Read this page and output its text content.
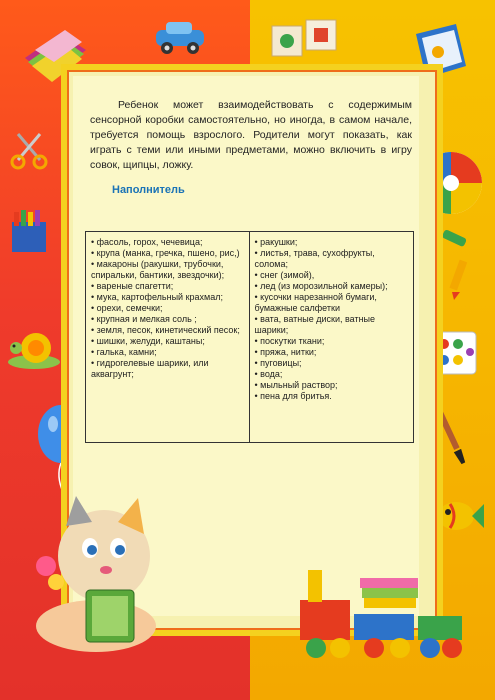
Ребенок может взаимодействовать с содержимым сенсорной коробки самостоятельно, но иногда, в самом начале, требуется помощь взрослого. Родители могут показать, как играть с теми или иными предметами, можно включить в игру совок, щипцы, ложку.
Наполнитель
• фасоль, горох, чечевица;
• крупа (манка, гречка, пшено, рис,)
• макароны (ракушки, трубочки, спиральки, бантики, звездочки);
• вареные спагетти;
• мука, картофельный крахмал;
• орехи, семечки;
• крупная и мелкая соль ;
• земля, песок, кинетический песок;
• шишки, желуди, каштаны;
• галька, камни;
• гидрогелевые шарики, или аквагрунт;
• ракушки;
• листья, трава, сухофрукты, солома;
• снег (зимой),
• лед (из морозильной камеры);
• кусочки нарезанной бумаги, бумажные салфетки
• вата, ватные диски, ватные шарики;
• поскутки ткани;
• пряжа, нитки;
• пуговицы;
• вода;
• мыльный раствор;
• пена для бритья.
